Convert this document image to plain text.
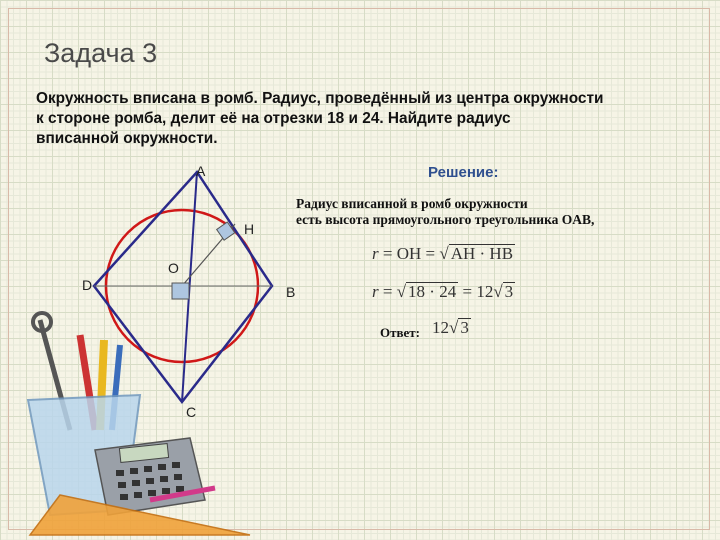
Задача 3
Окружность вписана в ромб. Радиус, проведённый из центра окружности
к стороне ромба, делит её на отрезки 18 и 24. Найдите радиус
вписанной окружности.
A
H
O
D	B
C
Решение:
Радиус вписанной в ромб окружности
есть высота прямоугольного треугольника OAB,
r = OH = √ AH · HB
r = √ 18 · 24 = 12√ 3
Ответ: 12√ 3
